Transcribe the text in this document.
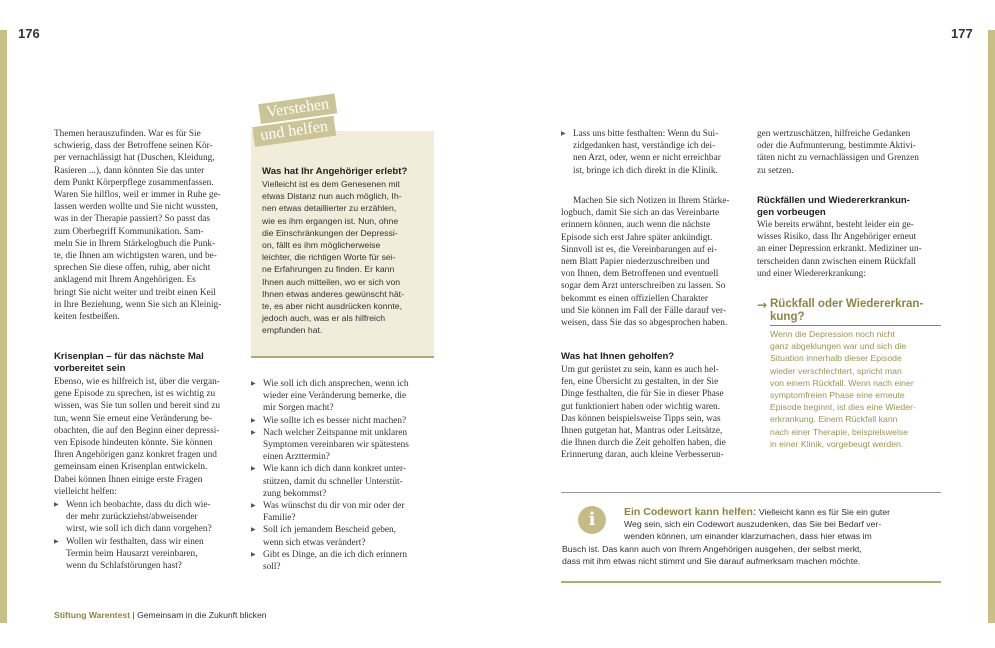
176	177
Themen herauszufinden. War es für Sie
schwierig, dass der Betroffene seinen Kör-
per vernachlässigt hat (Duschen, Kleidung,
Rasieren ...), dann könnten Sie das unter
dem Punkt Körperpflege zusammenfassen.
Waren Sie hilflos, weil er immer in Ruhe ge-
lassen werden wollte und Sie nicht wussten,
was in der Therapie passiert? So passt das
zum Oberbegriff Kommunikation. Sam-
meln Sie in Ihrem Stärkelogbuch die Punk-
te, die Ihnen am wichtigsten waren, und be-
sprechen Sie diese offen, ruhig, aber nicht
anklagend mit Ihrem Angehörigen. Es
bringt Sie nicht weiter und treibt einen Keil
in Ihre Beziehung, wenn Sie sich an Kleinig-
keiten festbeißen.
Krisenplan – für das nächste Mal
vorbereitet sein
Ebenso, wie es hilfreich ist, über die vergan-
gene Episode zu sprechen, ist es wichtig zu
wissen, was Sie tun sollen und bereit sind zu
tun, wenn Sie erneut eine Veränderung be-
obachten, die auf den Beginn einer depressi-
ven Episode hindeuten könnte. Sie können
Ihren Angehörigen ganz konkret fragen und
gemeinsam einen Krisenplan entwickeln.
Dabei können Ihnen einige erste Fragen
vielleicht helfen:
▶ Wenn ich beobachte, dass du dich wie-
der mehr zurückziehst/abweisender
wirst, wie soll ich dich dann vorgehen?
▶ Wollen wir festhalten, dass wir einen
Termin beim Hausarzt vereinbaren,
wenn du Schlafstörungen hast?
Verstehen
und helfen
Was hat Ihr Angehöriger erlebt?
Vielleicht ist es dem Genesenen mit
etwas Distanz nun auch möglich, Ih-
nen etwas detaillierter zu erzählen,
wie es ihm ergangen ist. Nun, ohne
die Einschränkungen der Depressi-
on, fällt es ihm möglicherweise
leichter, die richtigen Worte für sei-
ne Erfahrungen zu finden. Er kann
Ihnen auch mitteilen, wo er sich von
Ihnen etwas anderes gewünscht hät-
te, es aber nicht ausdrücken konnte,
jedoch auch, was er als hilfreich
empfunden hat.
▶ Wie soll ich dich ansprechen, wenn ich
wieder eine Veränderung bemerke, die
mir Sorgen macht?
▶ Wie sollte ich es besser nicht machen?
▶ Nach welcher Zeitspanne mit unklaren
Symptomen vereinbaren wir spätestens
einen Arzttermin?
▶ Wie kann ich dich dann konkret unter-
stützen, damit du schneller Unterstüt-
zung bekommst?
▶ Was wünschst du dir von mir oder der
Familie?
▶ Soll ich jemandem Bescheid geben,
wenn sich etwas verändert?
▶ Gibt es Dinge, an die ich dich erinnern
soll?
▶ Lass uns bitte festhalten: Wenn du Sui-
zidgedanken hast, verständige ich dei-
nen Arzt, oder, wenn er nicht erreichbar
ist, bringe ich dich direkt in die Klinik.
Machen Sie sich Notizen in Ihrem Stärke-
logbuch, damit Sie sich an das Vereinbarte
erinnern können, auch wenn die nächste
Episode sich erst Jahre später ankündigt.
Sinnvoll ist es, die Vereinbarungen auf ei-
nem Blatt Papier niederzuschreiben und
von Ihnen, dem Betroffenen und eventuell
sogar dem Arzt unterschreiben zu lassen. So
bekommt es einen offiziellen Charakter
und Sie können im Fall der Fälle darauf ver-
weisen, dass Sie das so abgesprochen haben.
Was hat Ihnen geholfen?
Um gut gerüstet zu sein, kann es auch hel-
fen, eine Übersicht zu gestalten, in der Sie
Dinge festhalten, die für Sie in dieser Phase
gut funktioniert haben oder wichtig waren.
Das können beispielsweise Tipps sein, was
Ihnen gutgetan hat, Mantras oder Leitsätze,
die Ihnen durch die Zeit geholfen haben, die
Erinnerung daran, auch kleine Verbesserun-
gen wertzuschätzen, hilfreiche Gedanken
oder die Aufmunterung, bestimmte Aktivi-
täten nicht zu vernachlässigen und Grenzen
zu setzen.
Rückfällen und Wiedererkrankun-
gen vorbeugen
Wie bereits erwähnt, besteht leider ein ge-
wisses Risiko, dass Ihr Angehöriger erneut
an einer Depression erkrankt. Mediziner un-
terscheiden dann zwischen einem Rückfall
und einer Wiedererkrankung:
→ Rückfall oder Wiedererkran-
kung?
Wenn die Depression noch nicht
ganz abgeklungen war und sich die
Situation innerhalb dieser Episode
wieder verschlechtert, spricht man
von einem Rückfall. Wenn nach einer
symptomfreien Phase eine erneute
Episode beginnt, ist dies eine Wieder-
erkrankung. Einem Rückfall kann
nach einer Therapie, beispielsweise
in einer Klinik, vorgebeugt werden.
i	Ein Codewort kann helfen: Vielleicht kann es für Sie ein guter
Weg sein, sich ein Codewort auszudenken, das Sie bei Bedarf ver-
wenden können, um einander klarzumachen, dass hier etwas im
Busch ist. Das kann auch von Ihrem Angehörigen ausgehen, der selbst merkt,
dass mit ihm etwas nicht stimmt und Sie darauf aufmerksam machen möchte.
Stiftung Warentest | Gemeinsam in die Zukunft blicken
